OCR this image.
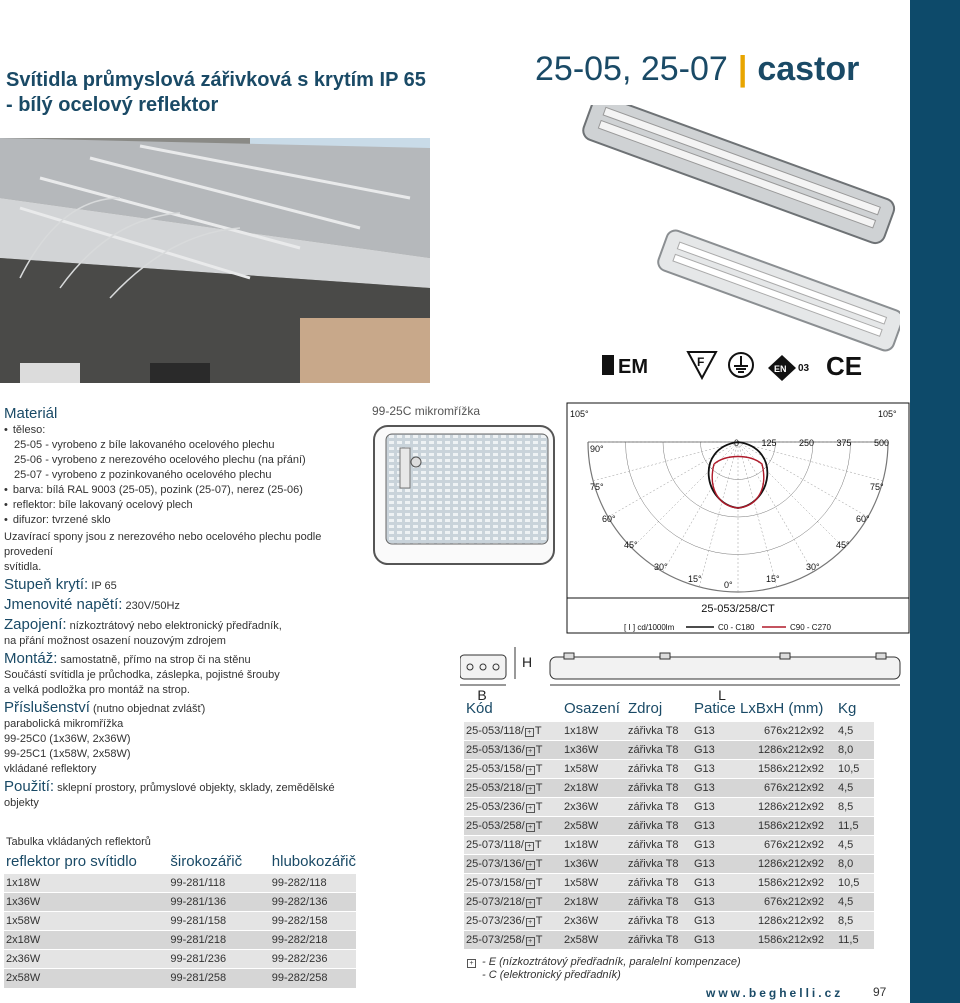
Svítidla průmyslová zářivková s krytím IP 65
- bílý ocelový reflektor
25-05, 25-07 | castor
EM	F	EN 03 CE
Materiál
• těleso:
25-05 - vyrobeno z bíle lakovaného ocelového plechu
25-06 - vyrobeno z nerezového ocelového plechu (na přání)
25-07 - vyrobeno z pozinkovaného ocelového plechu
• barva: bílá RAL 9003 (25-05), pozink (25-07), nerez (25-06)
• reflektor: bíle lakovaný ocelový plech
• difuzor: tvrzené sklo
Uzavírací spony jsou z nerezového nebo ocelového plechu podle provedení
svítidla.
Stupeň krytí: IP 65
Jmenovité napětí: 230V/50Hz
Zapojení: nízkoztrátový nebo elektronický předřadník,
na přání možnost osazení nouzovým zdrojem
Montáž: samostatně, přímo na strop či na stěnu
Součástí svítidla je průchodka, záslepka, pojistné šrouby
a velká podložka pro montáž na strop.
Příslušenství (nutno objednat zvlášť)
parabolická mikromřížka
99-25C0 (1x36W, 2x36W)
99-25C1 (1x58W, 2x58W)
vkládané reflektory
Použití: sklepní prostory, průmyslové objekty, sklady, zemědělské objekty
99-25C mikromřížka
0 125 250 375 500
105°
90°
75°
60°
45°
30°
15°
105°
75°
60°
45°
30°
15°
0°
25-053/258/CT
[ I ] cd/1000lm	C0 - C180	C90 - C270
H
B	L
Kód	Osazení	Zdroj	Patice	LxBxH (mm)	Kg
25-053/118/ + T	1x18W	zářivka T8	G13	676x212x92	4,5
25-053/136/ + T	1x36W	zářivka T8	G13	1286x212x92	8,0
25-053/158/ + T	1x58W	zářivka T8	G13	1586x212x92	10,5
25-053/218/ + T	2x18W	zářivka T8	G13	676x212x92	4,5
25-053/236/ + T	2x36W	zářivka T8	G13	1286x212x92	8,5
25-053/258/ + T	2x58W	zářivka T8	G13	1586x212x92	11,5
25-073/118/ + T	1x18W	zářivka T8	G13	676x212x92	4,5
25-073/136/ + T	1x36W	zářivka T8	G13	1286x212x92	8,0
25-073/158/ + T	1x58W	zářivka T8	G13	1586x212x92	10,5
25-073/218/ + T	2x18W	zářivka T8	G13	676x212x92	4,5
25-073/236/ + T	2x36W	zářivka T8	G13	1286x212x92	8,5
25-073/258/ + T	2x58W	zářivka T8	G13	1586x212x92	11,5
+ - E (nízkoztrátový předřadník, paralelní kompenzace)
- C (elektronický předřadník)
Tabulka vkládaných reflektorů
reflektor pro svítidlo	širokozářič	hlubokozářič
1x18W	99-281/118	99-282/118
1x36W	99-281/136	99-282/136
1x58W	99-281/158	99-282/158
2x18W	99-281/218	99-282/218
2x36W	99-281/236	99-282/236
2x58W	99-281/258	99-282/258
www.beghelli.cz 97
